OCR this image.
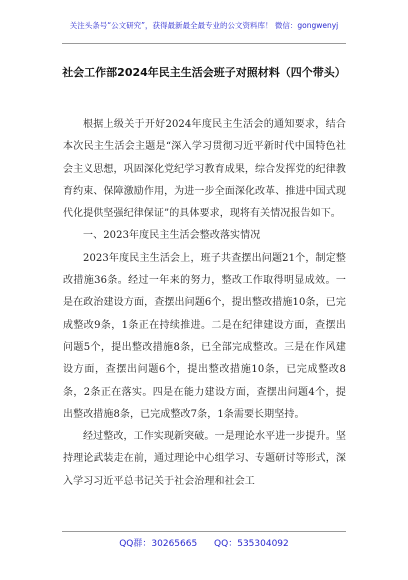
关注头条号“公文研究”，获得最新最全最专业的公文资料库！ 微信：gongwenyj
社会工作部2024年民主生活会班子对照材料（四个带头）

根据上级关于开好2024年度民主生活会的通知要求，结合本次民主生活会主题是“深入学习贯彻习近平新时代中国特色社会主义思想，巩固深化党纪学习教育成果，综合发挥党的纪律教育约束、保障激励作用，为进一步全面深化改革、推进中国式现代化提供坚强纪律保证”的具体要求，现将有关情况报告如下。

一、2023年度民主生活会整改落实情况

2023年度民主生活会上，班子共查摆出问题21个，制定整改措施36条。经过一年来的努力，整改工作取得明显成效。一是在政治建设方面，查摆出问题6个，提出整改措施10条，已完成整改9条，1条正在持续推进。二是在纪律建设方面，查摆出问题5个，提出整改措施8条，已全部完成整改。三是在作风建设方面，查摆出问题6个，提出整改措施10条，已完成整改8条，2条正在落实。四是在能力建设方面，查摆出问题4个，提出整改措施8条，已完成整改7条，1条需要长期坚持。

经过整改，工作实现新突破。一是理论水平进一步提升。坚持理论武装走在前，通过理论中心组学习、专题研讨等形式，深入学习习近平总书记关于社会治理和社会工

QQ群：30265665 QQ：535304092
